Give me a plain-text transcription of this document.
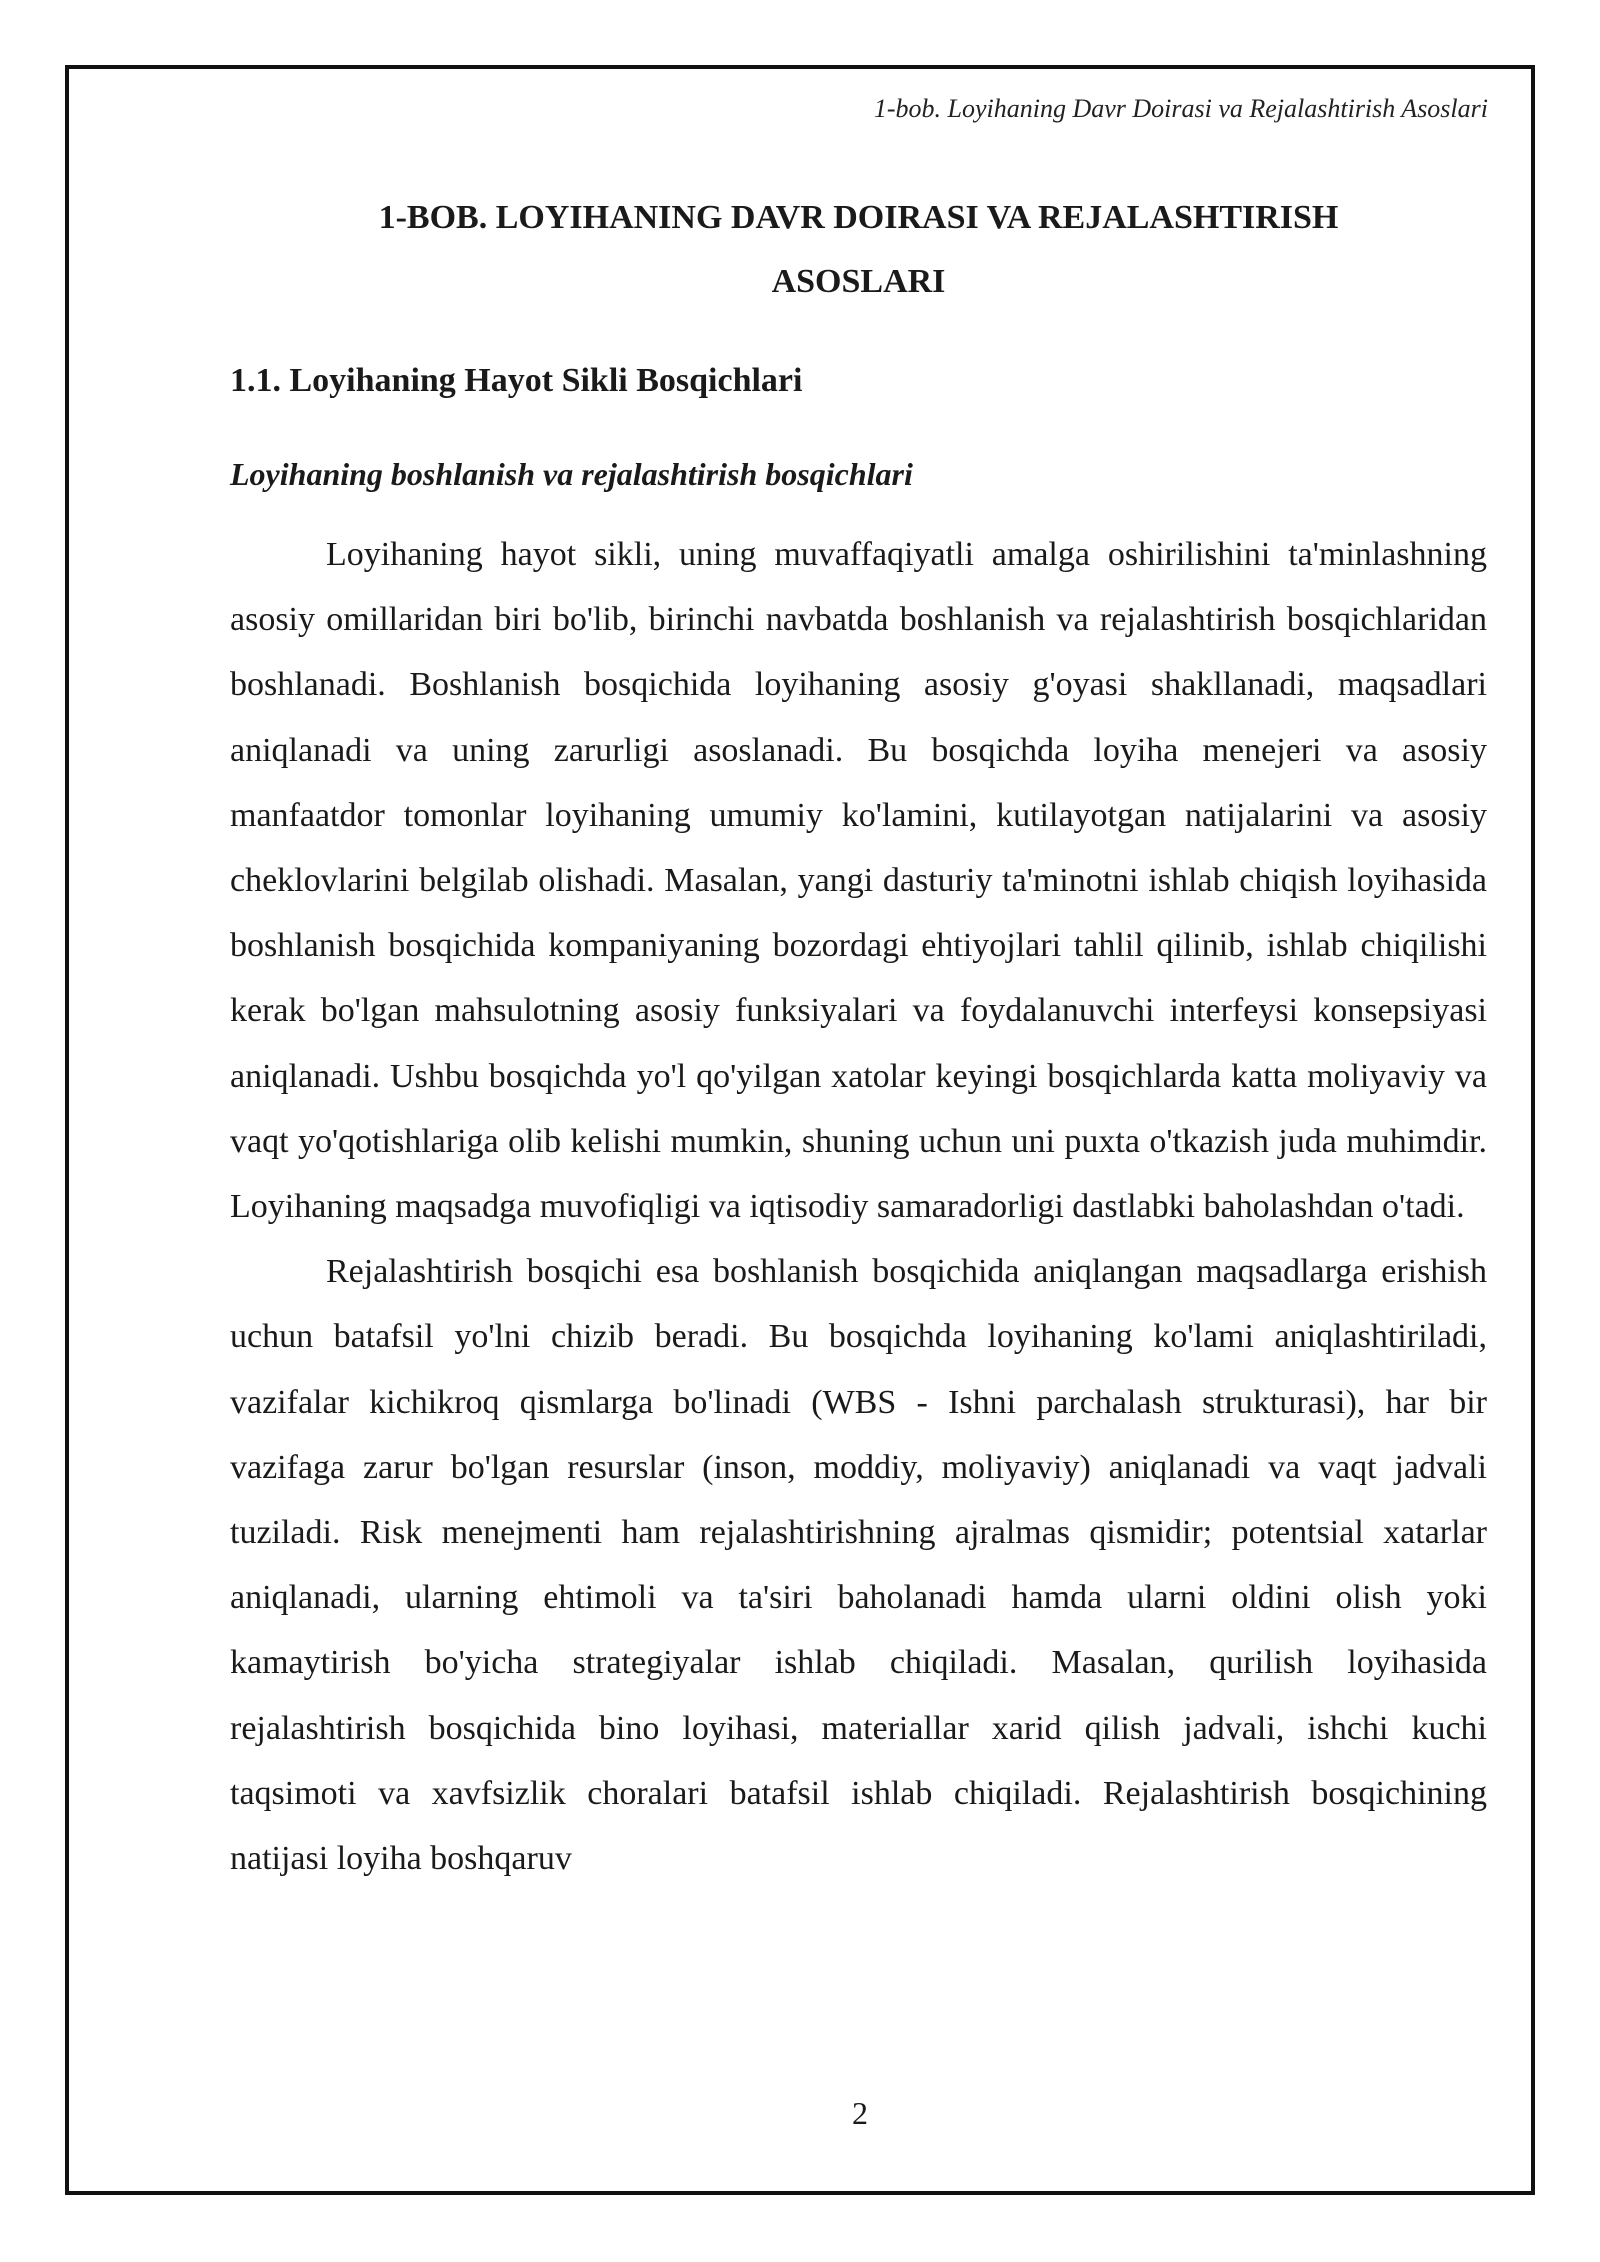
1-bob. Loyihaning Davr Doirasi va Rejalashtirish Asoslari
1-BOB. LOYIHANING DAVR DOIRASI VA REJALASHTIRISH
ASOSLARI
1.1. Loyihaning Hayot Sikli Bosqichlari
Loyihaning boshlanish va rejalashtirish bosqichlari

Loyihaning hayot sikli, uning muvaffaqiyatli amalga oshirilishini ta'minlashning asosiy omillaridan biri bo'lib, birinchi navbatda boshlanish va rejalashtirish bosqichlaridan boshlanadi. Boshlanish bosqichida loyihaning asosiy g'oyasi shakllanadi, maqsadlari aniqlanadi va uning zarurligi asoslanadi. Bu bosqichda loyiha menejeri va asosiy manfaatdor tomonlar loyihaning umumiy ko'lamini, kutilayotgan natijalarini va asosiy cheklovlarini belgilab olishadi. Masalan, yangi dasturiy ta'minotni ishlab chiqish loyihasida boshlanish bosqichida kompaniyaning bozordagi ehtiyojlari tahlil qilinib, ishlab chiqilishi kerak bo'lgan mahsulotning asosiy funksiyalari va foydalanuvchi interfeysi konsepsiyasi aniqlanadi. Ushbu bosqichda yo'l qo'yilgan xatolar keyingi bosqichlarda katta moliyaviy va vaqt yo'qotishlariga olib kelishi mumkin, shuning uchun uni puxta o'tkazish juda muhimdir. Loyihaning maqsadga muvofiqligi va iqtisodiy samaradorligi dastlabki baholashdan o'tadi.

Rejalashtirish bosqichi esa boshlanish bosqichida aniqlangan maqsadlarga erishish uchun batafsil yo'lni chizib beradi. Bu bosqichda loyihaning ko'lami aniqlashtiriladi, vazifalar kichikroq qismlarga bo'linadi (WBS - Ishni parchalash strukturasi), har bir vazifaga zarur bo'lgan resurslar (inson, moddiy, moliyaviy) aniqlanadi va vaqt jadvali tuziladi. Risk menejmenti ham rejalashtirishning ajralmas qismidir; potentsial xatarlar aniqlanadi, ularning ehtimoli va ta'siri baholanadi hamda ularni oldini olish yoki kamaytirish bo'yicha strategiyalar ishlab chiqiladi. Masalan, qurilish loyihasida rejalashtirish bosqichida bino loyihasi, materiallar xarid qilish jadvali, ishchi kuchi taqsimoti va xavfsizlik choralari batafsil ishlab chiqiladi. Rejalashtirish bosqichining natijasi loyiha boshqaruv

2
